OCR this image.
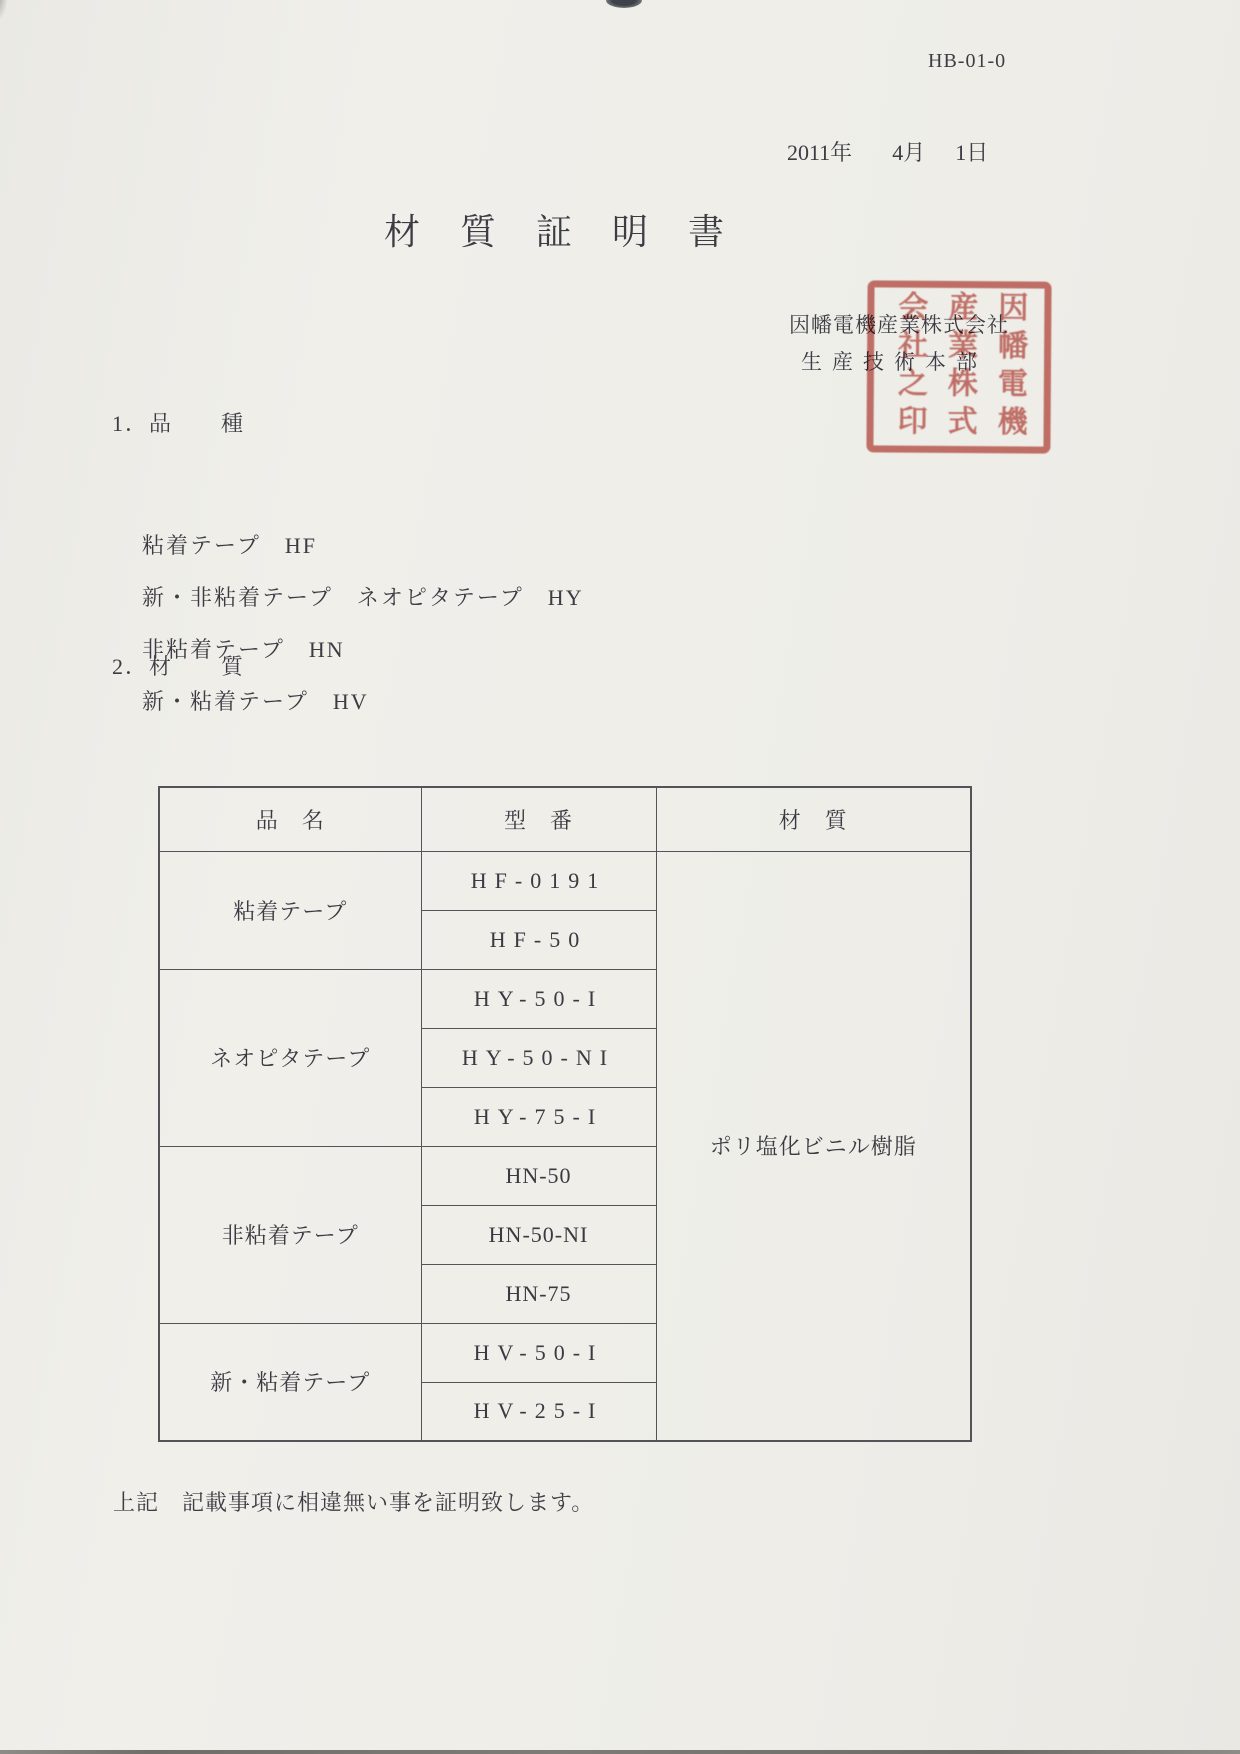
HB-01-0
2011年 4月 1日
材　質　証　明　書
因幡電機産業株式会社
生産技術本部 因幡電機
産業株式
会社之印
1．品　　種
粘着テープ　HF
新・非粘着テープ　ネオピタテープ　HY
非粘着テープ　HN
新・粘着テープ　HV
2．材　　質
品　名	型　番	材　質
粘着テープ	HF-0191	ポリ塩化ビニル樹脂
	HF-50	
ネオピタテープ	HY-50-I	
	HY-50-NI	
	HY-75-I	
非粘着テープ	HN-50	
	HN-50-NI	
	HN-75	
新・粘着テープ	HV-50-I	
	HV-25-I	
上記　記載事項に相違無い事を証明致します。
